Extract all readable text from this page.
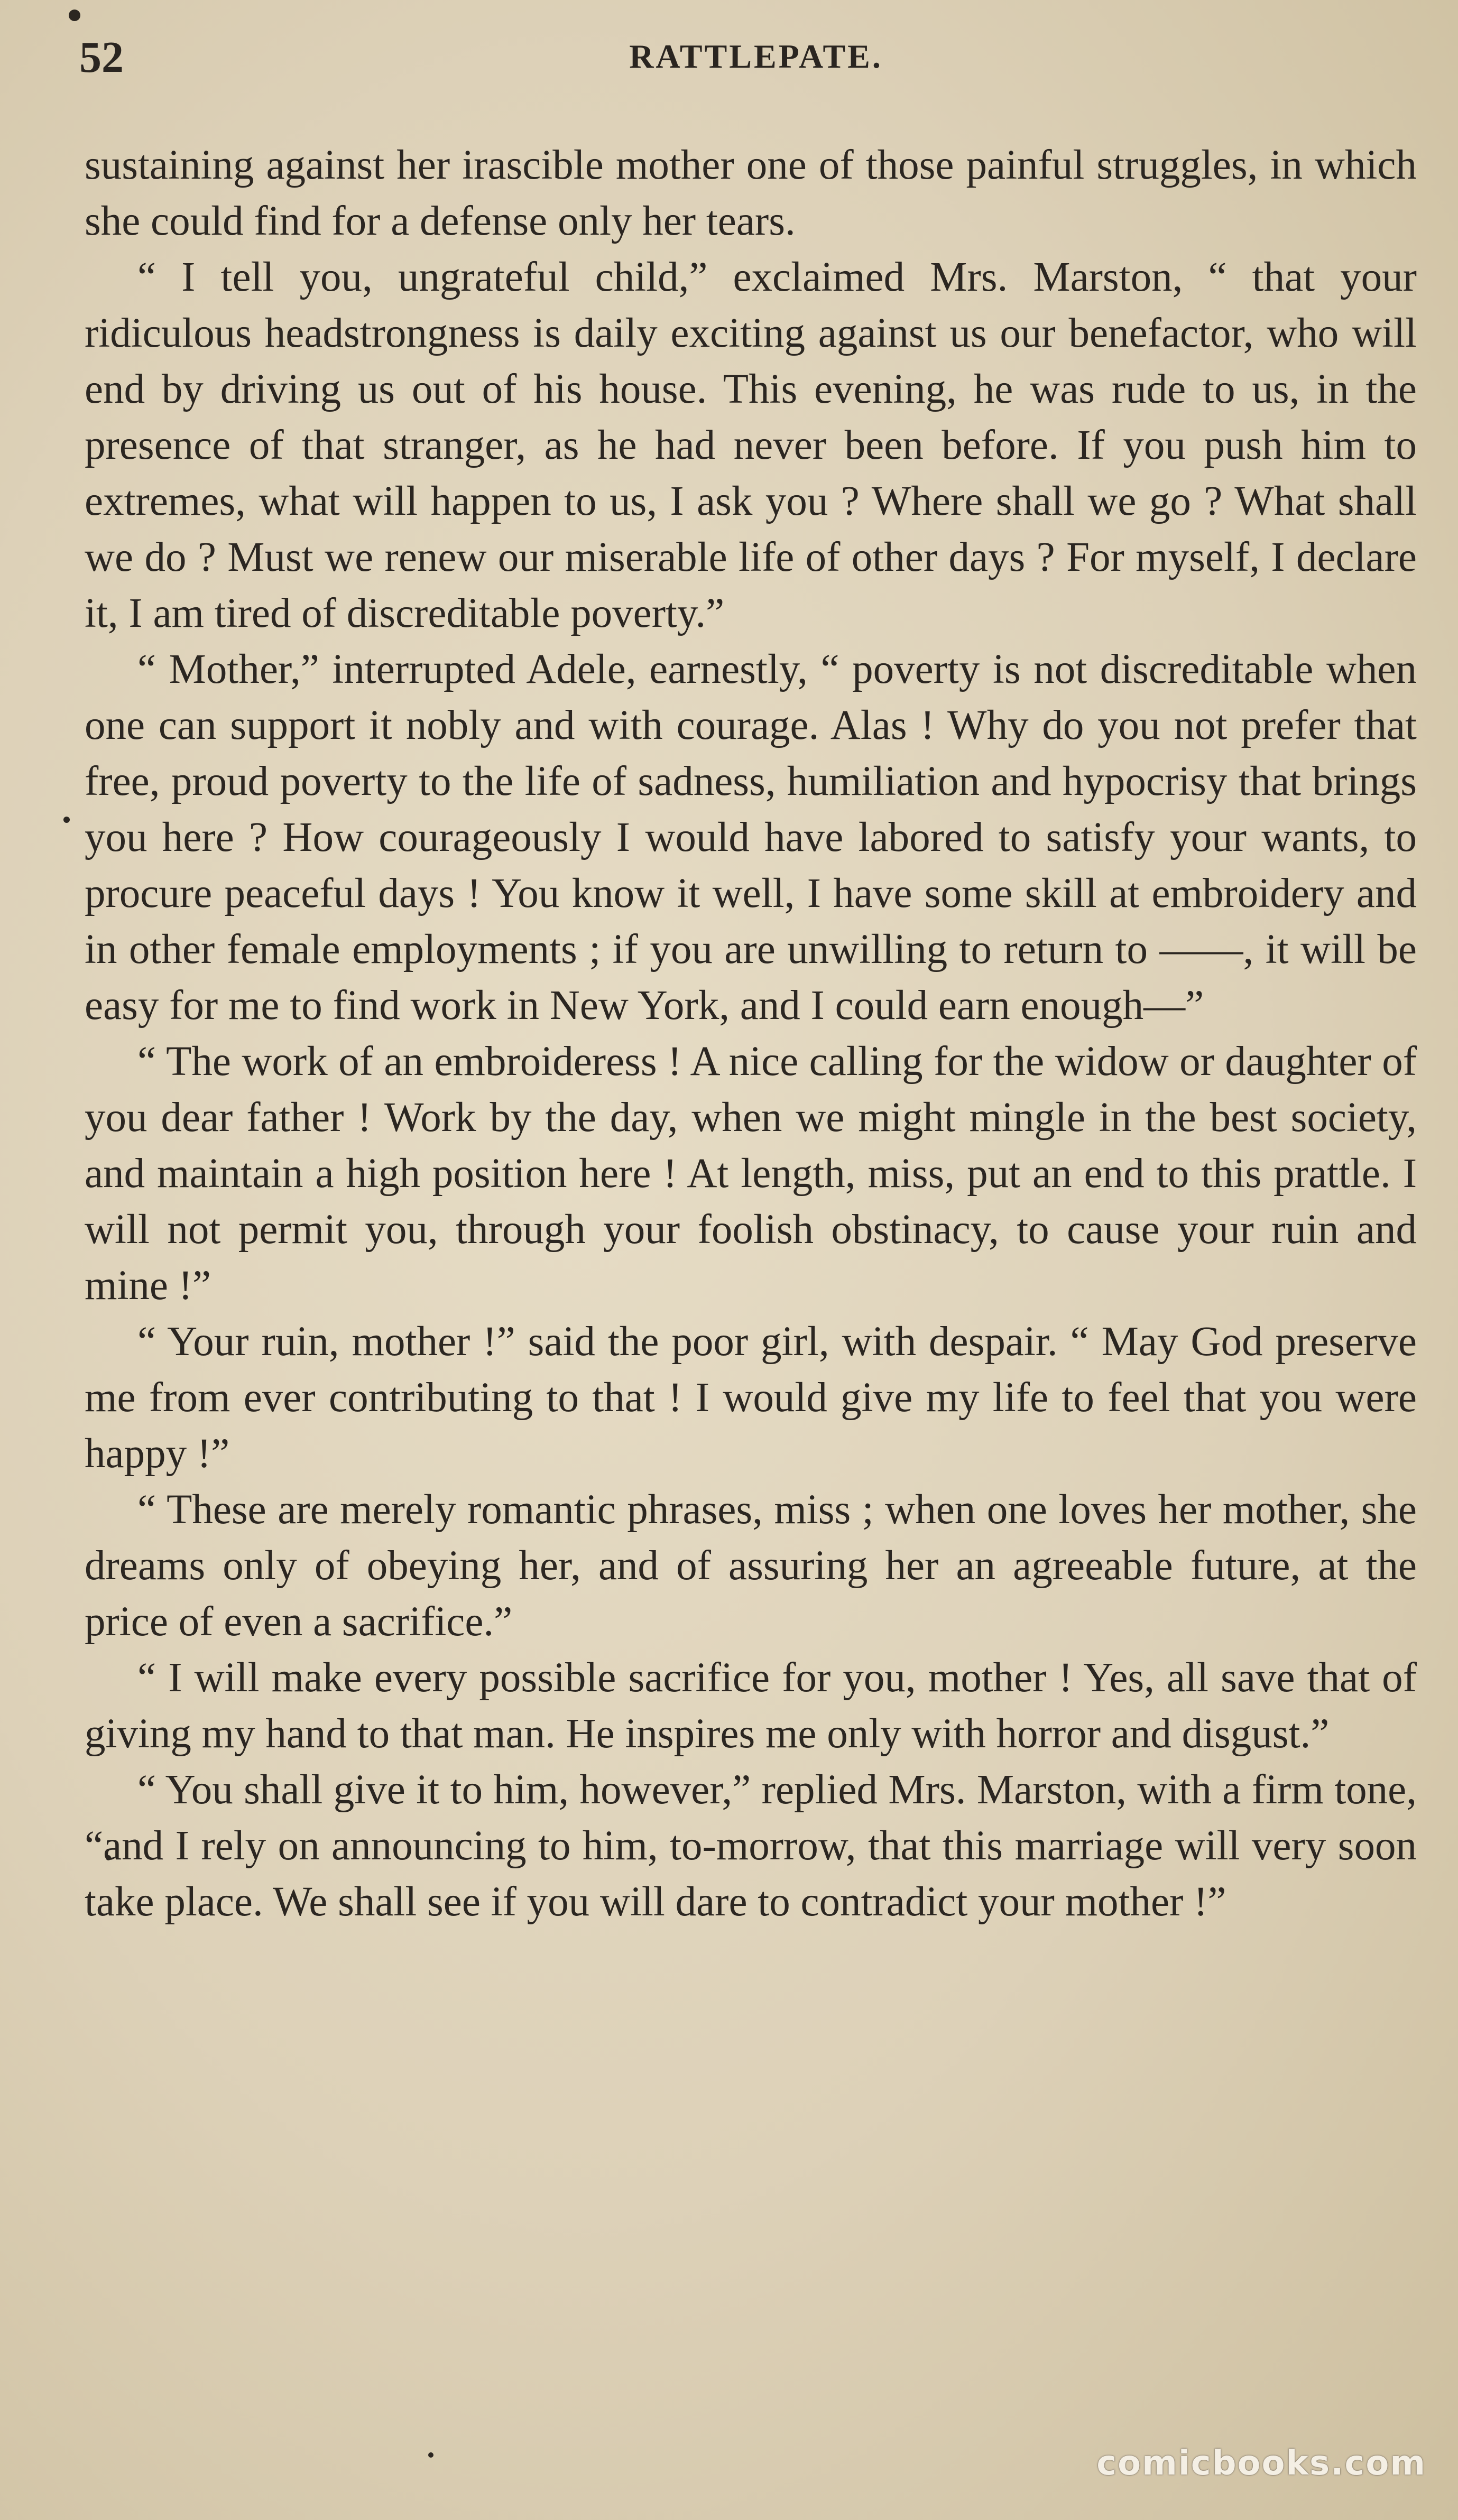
52	RATTLEPATE.

sustaining against her irascible mother one of those painful struggles, in which she could find for a defense only her tears.

“ I tell you, ungrateful child,” exclaimed Mrs. Marston, “ that your ridiculous headstrongness is daily exciting against us our benefactor, who will end by driving us out of his house. This evening, he was rude to us, in the presence of that stranger, as he had never been before. If you push him to extremes, what will happen to us, I ask you ? Where shall we go ? What shall we do ? Must we renew our miserable life of other days ? For myself, I declare it, I am tired of discreditable poverty.”

“ Mother,” interrupted Adele, earnestly, “ poverty is not discreditable when one can support it nobly and with courage. Alas ! Why do you not prefer that free, proud poverty to the life of sadness, humiliation and hypocrisy that brings you here ? How courageously I would have labored to satisfy your wants, to procure peaceful days ! You know it well, I have some skill at embroidery and in other female employments ; if you are unwilling to return to ——, it will be easy for me to find work in New York, and I could earn enough—”

“ The work of an embroideress ! A nice calling for the widow or daughter of you dear father ! Work by the day, when we might mingle in the best society, and maintain a high position here ! At length, miss, put an end to this prattle. I will not permit you, through your foolish obstinacy, to cause your ruin and mine !”

“ Your ruin, mother !” said the poor girl, with despair. “ May God preserve me from ever contributing to that ! I would give my life to feel that you were happy !”

“ These are merely romantic phrases, miss ; when one loves her mother, she dreams only of obeying her, and of assuring her an agreeable future, at the price of even a sacrifice.”

“ I will make every possible sacrifice for you, mother ! Yes, all save that of giving my hand to that man. He inspires me only with horror and disgust.”

“ You shall give it to him, however,” replied Mrs. Marston, with a firm tone, “and I rely on announcing to him, to-morrow, that this marriage will very soon take place. We shall see if you will dare to contradict your mother !”

comicbooks.com
